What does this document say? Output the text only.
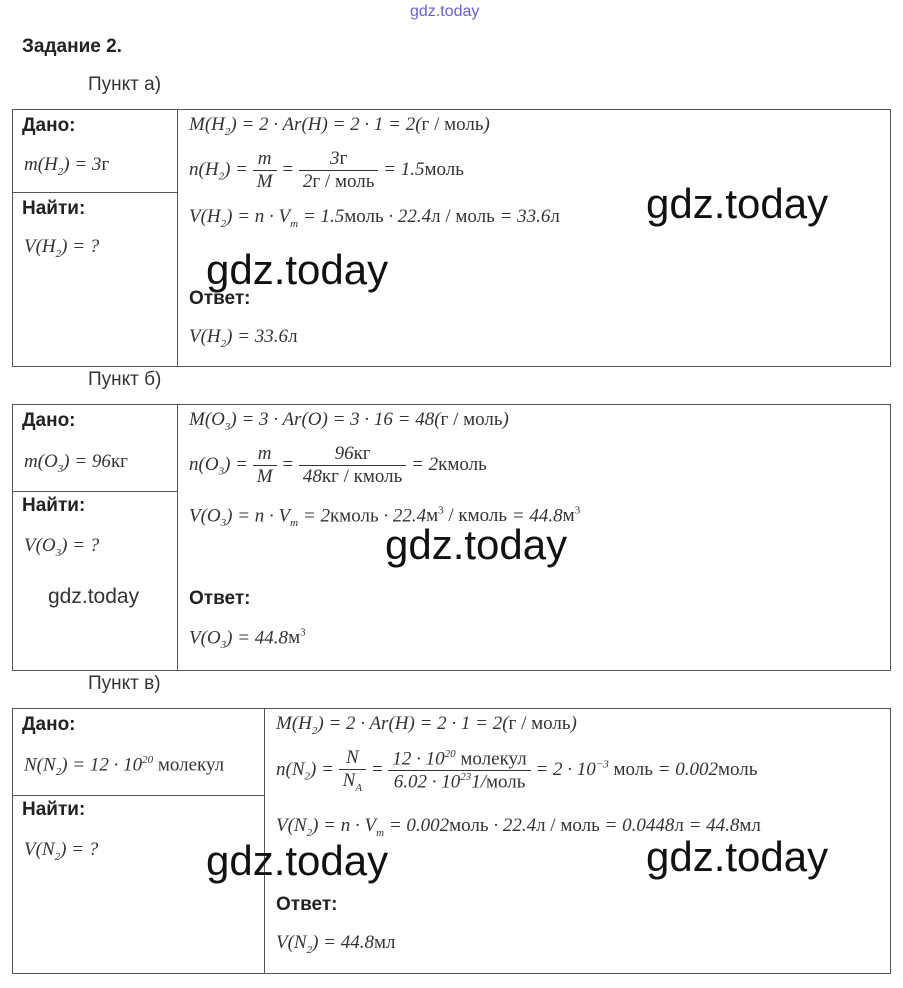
gdz.today
Задание 2.
Пункт а)
Дано:
$m(H_2) = 3г$
Найти:
$V(H_2)$ = ?
$M(H_2) = 2 \cdot Ar(H) = 2 \cdot 1 = 2(г$ / моль)
$n(H_2) = \frac{m}{M} = \frac{3г}{\text{2г / моль}}$ = 1.5моль
$V(H_2) = n \cdot V_m$ = 1.5моль · 22.4л / моль = 33.6л
Ответ:
$V(H_2) = 33.6л$
gdz.today
gdz.today
Пункт б)
Дано:
$m(O_3) = 96кг$
Найти:
$V(O_3)$ = ?
gdz.today
$M(O_3) = 3 \cdot Ar(O) = 3 \cdot 16 = 48(г$ / моль)
$n(O_3) = \frac{m}{M} = \frac{96кг}{\text{48кг / кмоль}}$ = 2кмоль
$V(O_3) = n \cdot V_m$ = 2кмоль · $22.4м^3$ / кмоль = $44.8м^3$
gdz.today
Ответ:
$V(O_3) = 44.8м^3$
Пункт в)
Дано:
$N(N_2) = 12 \cdot 10^{20}$ молекул
Найти:
$V(N_2)$ = ?
$M(H_2) = 2 \cdot Ar(H) = 2 \cdot 1 = 2(г$ / моль)
$n(N_2) = \frac{N}{N_A} = \frac{12 \cdot 10^{20} молекул}{6.02 \cdot 10^{23}1/моль} = 2 \cdot 10^{-3}$ моль = 0.002моль
$V(N_2) = n \cdot V_m$ = 0.002моль · 22.4л / моль = 0.0448л = 44.8мл
gdz.today	gdz.today
Ответ:
$V(N_2) = 44.8мл$
